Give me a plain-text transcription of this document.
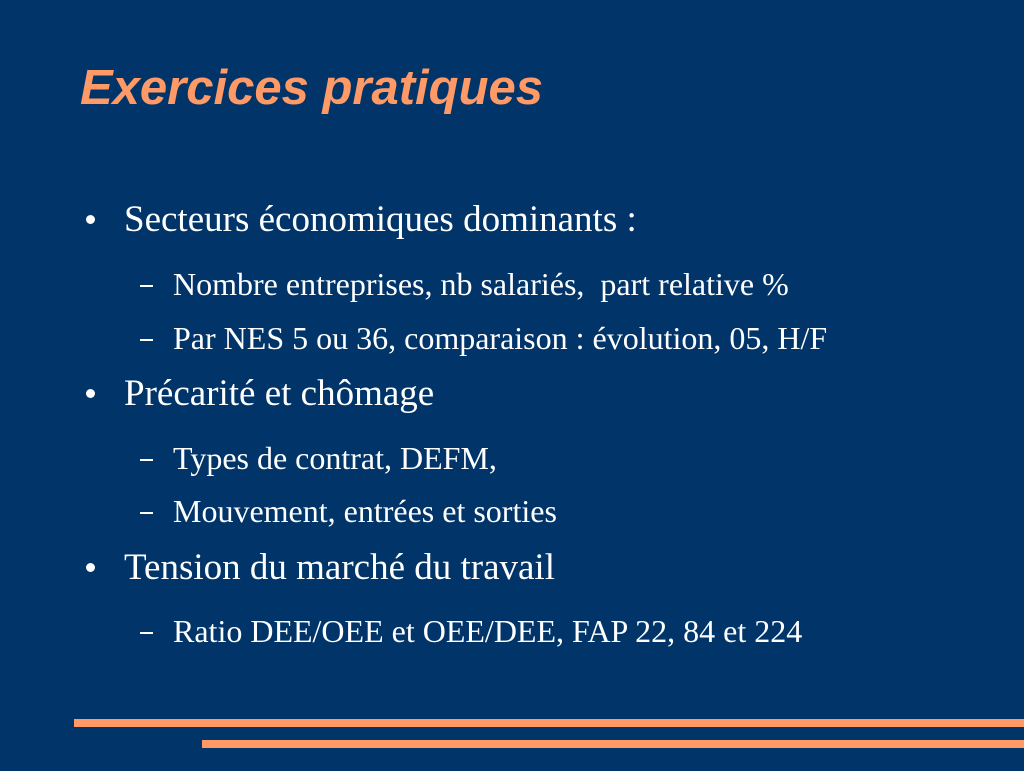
Exercices pratiques

Secteurs économiques dominants :

Nombre entreprises, nb salariés,  part relative %

Par NES 5 ou 36, comparaison : évolution, 05, H/F

Précarité et chômage

Types de contrat, DEFM,

Mouvement, entrées et sorties

Tension du marché du travail

Ratio DEE/OEE et OEE/DEE, FAP 22, 84 et 224
